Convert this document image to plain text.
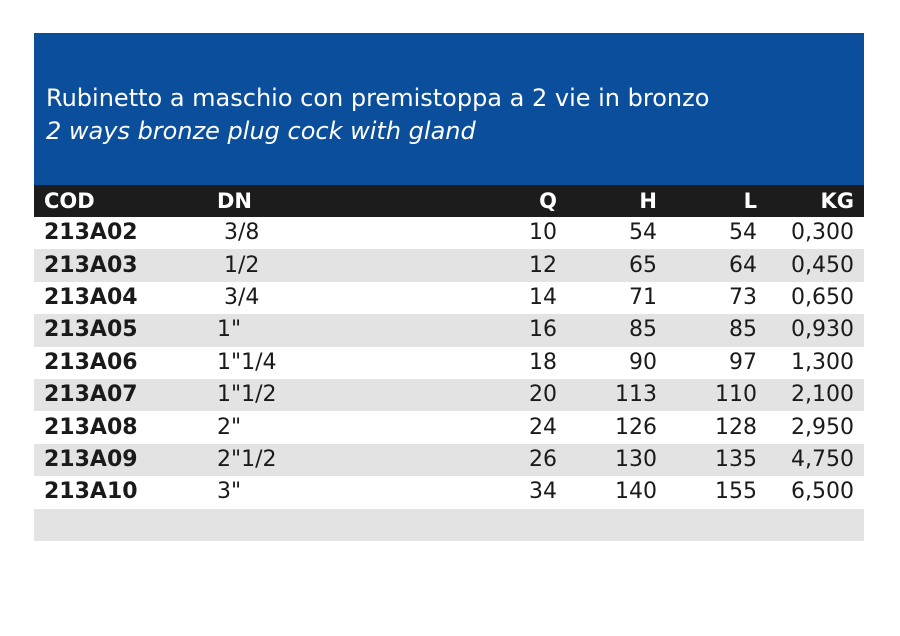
Rubinetto a maschio con premistoppa a 2 vie in bronzo
2 ways bronze plug cock with gland
COD	DN	Q	H	L	KG
213A02	3/8	10	54	54	0,300
213A03	1/2	12	65	64	0,450
213A04	3/4	14	71	73	0,650
213A05	1"	16	85	85	0,930
213A06	1"1/4	18	90	97	1,300
213A07	1"1/2	20	113	110	2,100
213A08	2"	24	126	128	2,950
213A09	2"1/2	26	130	135	4,750
213A10	3"	34	140	155	6,500
